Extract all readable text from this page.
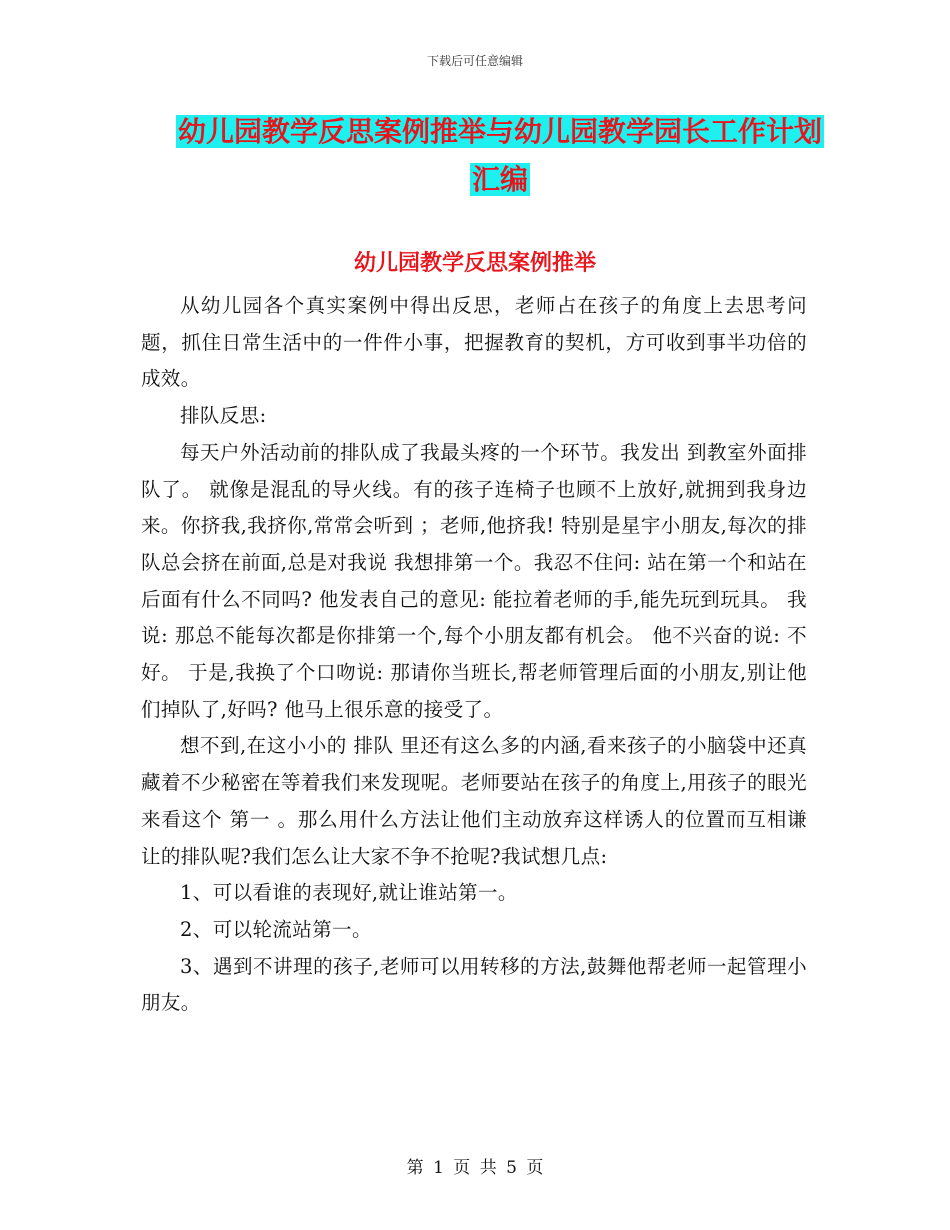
下载后可任意编辑
幼儿园教学反思案例推举与幼儿园教学园长工作计划
汇编
幼儿园教学反思案例推举

从幼儿园各个真实案例中得出反思，老师占在孩子的角度上去思考问题，抓住日常生活中的一件件小事，把握教育的契机，方可收到事半功倍的成效。

排队反思:

每天户外活动前的排队成了我最头疼的一个环节。我发出 到教室外面排队了。 就像是混乱的导火线。有的孩子连椅子也顾不上放好,就拥到我身边来。你挤我,我挤你,常常会听到 ；老师,他挤我! 特别是星宇小朋友,每次的排队总会挤在前面,总是对我说 我想排第一个。我忍不住问: 站在第一个和站在后面有什么不同吗? 他发表自己的意见: 能拉着老师的手,能先玩到玩具。 我说: 那总不能每次都是你排第一个,每个小朋友都有机会。 他不兴奋的说: 不好。 于是,我换了个口吻说: 那请你当班长,帮老师管理后面的小朋友,别让他们掉队了,好吗? 他马上很乐意的接受了。

想不到,在这小小的 排队 里还有这么多的内涵,看来孩子的小脑袋中还真藏着不少秘密在等着我们来发现呢。老师要站在孩子的角度上,用孩子的眼光来看这个 第一 。那么用什么方法让他们主动放弃这样诱人的位置而互相谦让的排队呢?我们怎么让大家不争不抢呢?我试想几点:

1、可以看谁的表现好,就让谁站第一。

2、可以轮流站第一。

3、遇到不讲理的孩子,老师可以用转移的方法,鼓舞他帮老师一起管理小朋友。

第 1 页 共 5 页
